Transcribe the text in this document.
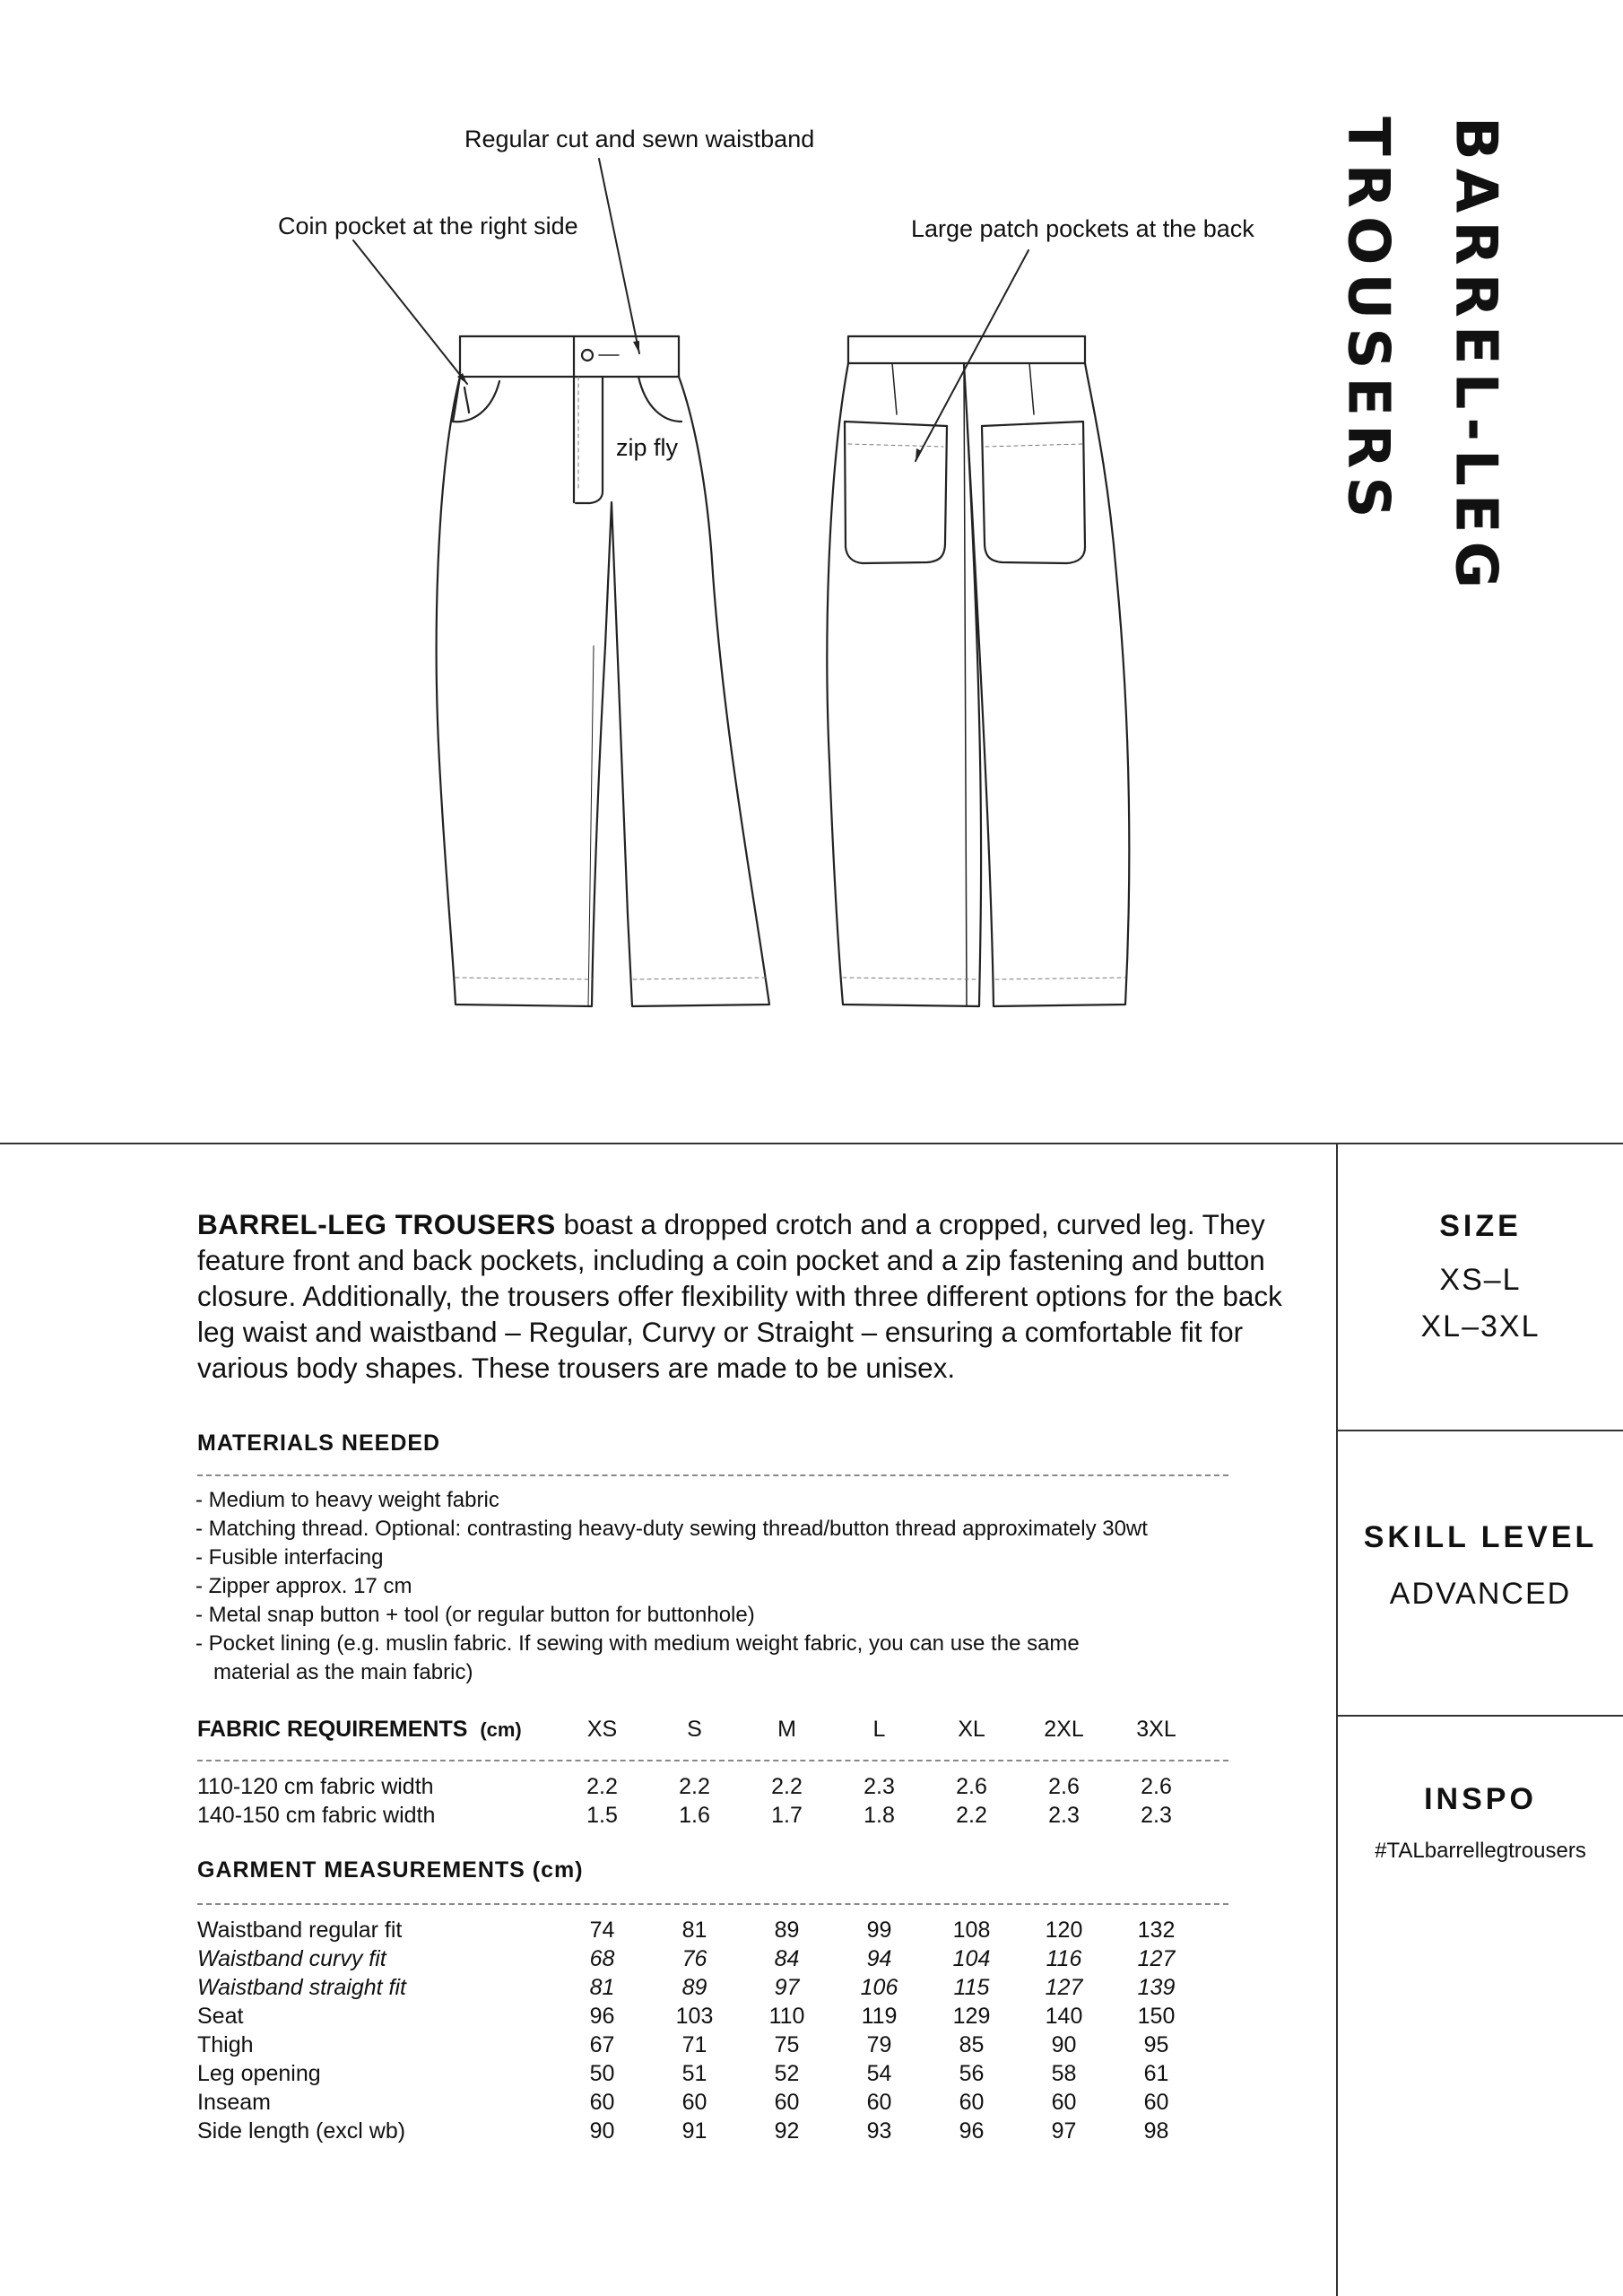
BARREL-LEG
TROUSERS
Regular cut and sewn waistband
Coin pocket at the right side	Large patch pockets at the back
zip fly
SIZE
XS–L
XL–3XL
SKILL LEVEL
ADVANCED
INSPO
#TALbarrellegtrousers
BARREL-LEG TROUSERS boast a dropped crotch and a cropped, curved leg. They feature front and back pockets, including a coin pocket and a zip fastening and button closure. Additionally, the trousers offer flexibility with three different options for the back leg waist and waistband – Regular, Curvy or Straight – ensuring a comfortable fit for various body shapes. These trousers are made to be unisex.
MATERIALS NEEDED
- Medium to heavy weight fabric
- Matching thread. Optional: contrasting heavy-duty sewing thread/button thread approximately 30wt
- Fusible interfacing
- Zipper approx. 17 cm
- Metal snap button + tool (or regular button for buttonhole)
- Pocket lining (e.g. muslin fabric. If sewing with medium weight fabric, you can use the same
material as the main fabric)
FABRIC REQUIREMENTS (cm)	XS	S	M	L	XL	2XL	3XL
110-120 cm fabric width	2.2	2.2	2.2	2.3	2.6	2.6	2.6
140-150 cm fabric width	1.5	1.6	1.7	1.8	2.2	2.3	2.3
GARMENT MEASUREMENTS (cm)
Waistband regular fit	74	81	89	99	108	120	132
Waistband curvy fit	68	76	84	94	104	116	127
Waistband straight fit	81	89	97	106	115	127	139
Seat	96	103	110	119	129	140	150
Thigh	67	71	75	79	85	90	95
Leg opening	50	51	52	54	56	58	61
Inseam	60	60	60	60	60	60	60
Side length (excl wb)	90	91	92	93	96	97	98
